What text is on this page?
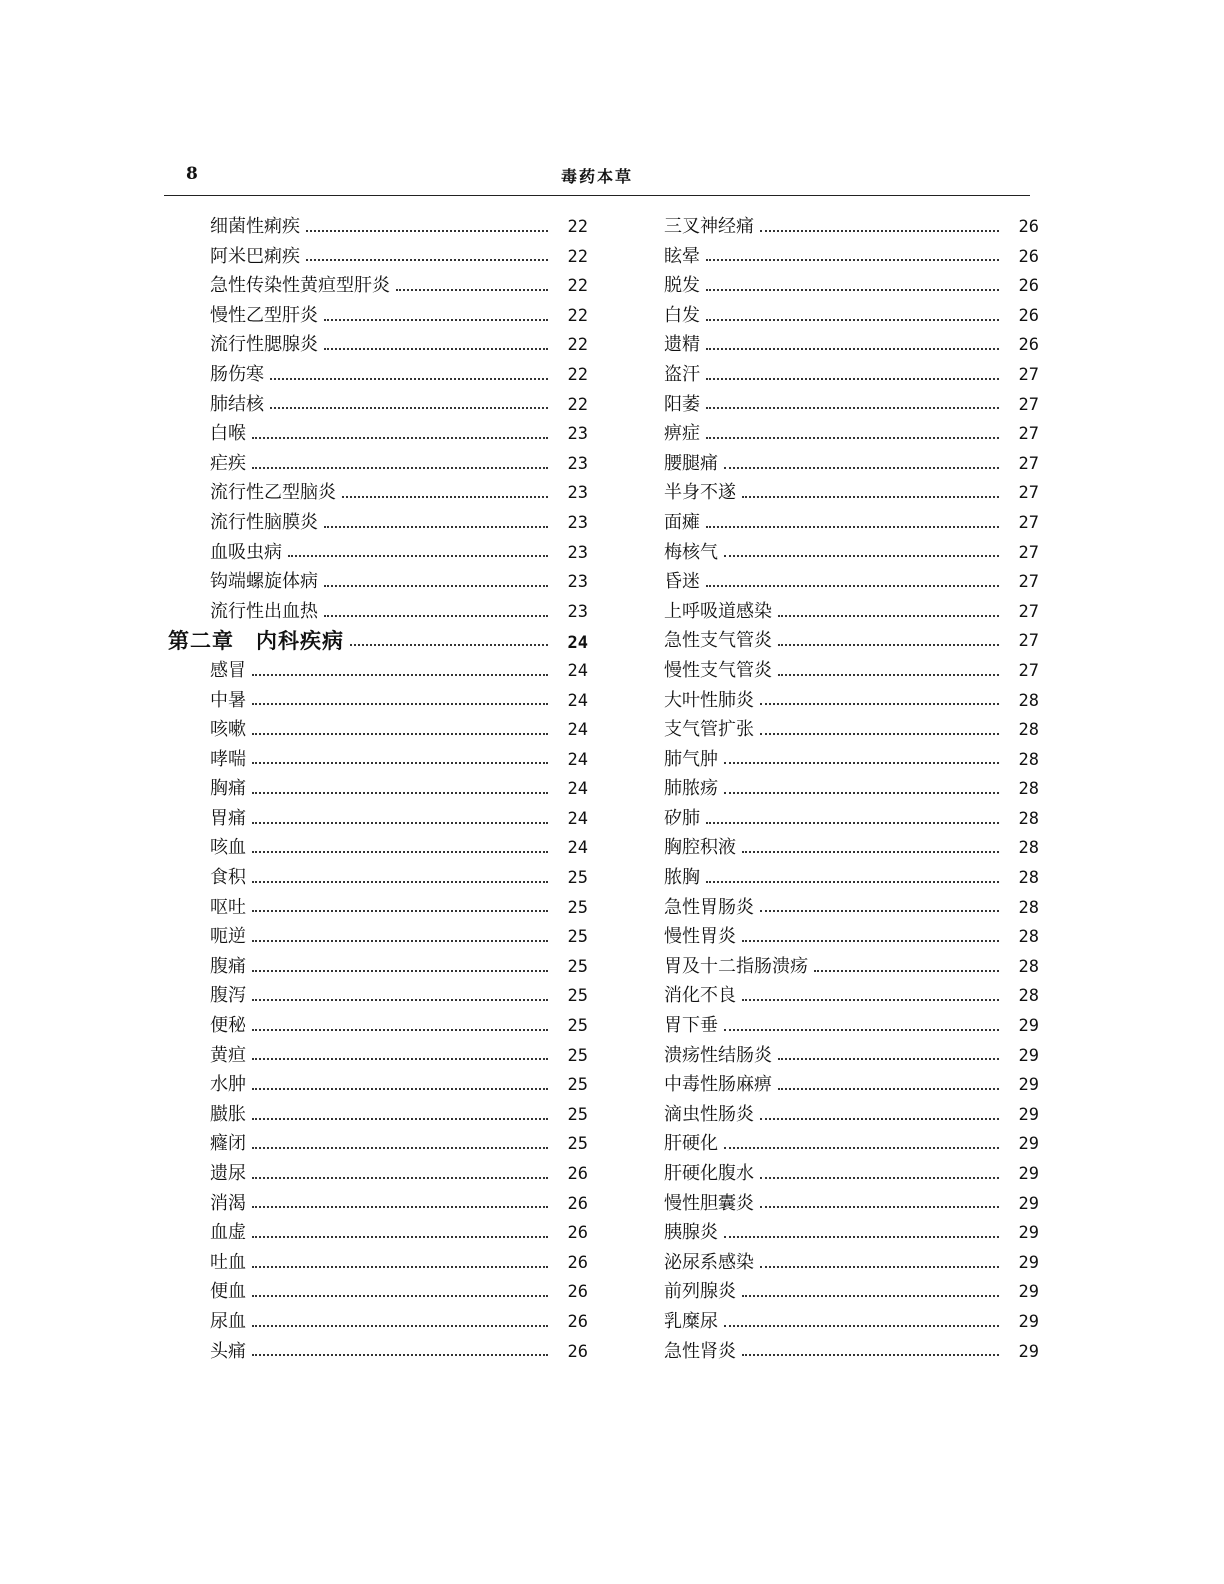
8	毒药本草
细菌性痢疾	22
阿米巴痢疾	22
急性传染性黄疸型肝炎	22
慢性乙型肝炎	22
流行性腮腺炎	22
肠伤寒	22
肺结核	22
白喉	23
疟疾	23
流行性乙型脑炎	23
流行性脑膜炎	23
血吸虫病	23
钩端螺旋体病	23
流行性出血热	23
第二章　内科疾病	24
感冒	24
中暑	24
咳嗽	24
哮喘	24
胸痛	24
胃痛	24
咳血	24
食积	25
呕吐	25
呃逆	25
腹痛	25
腹泻	25
便秘	25
黄疸	25
水肿	25
臌胀	25
癃闭	25
遗尿	26
消渴	26
血虚	26
吐血	26
便血	26
尿血	26
头痛	26
三叉神经痛	26
眩晕	26
脱发	26
白发	26
遗精	26
盗汗	27
阳萎	27
痹症	27
腰腿痛	27
半身不遂	27
面瘫	27
梅核气	27
昏迷	27
上呼吸道感染	27
急性支气管炎	27
慢性支气管炎	27
大叶性肺炎	28
支气管扩张	28
肺气肿	28
肺脓疡	28
矽肺	28
胸腔积液	28
脓胸	28
急性胃肠炎	28
慢性胃炎	28
胃及十二指肠溃疡	28
消化不良	28
胃下垂	29
溃疡性结肠炎	29
中毒性肠麻痹	29
滴虫性肠炎	29
肝硬化	29
肝硬化腹水	29
慢性胆囊炎	29
胰腺炎	29
泌尿系感染	29
前列腺炎	29
乳糜尿	29
急性肾炎	29
